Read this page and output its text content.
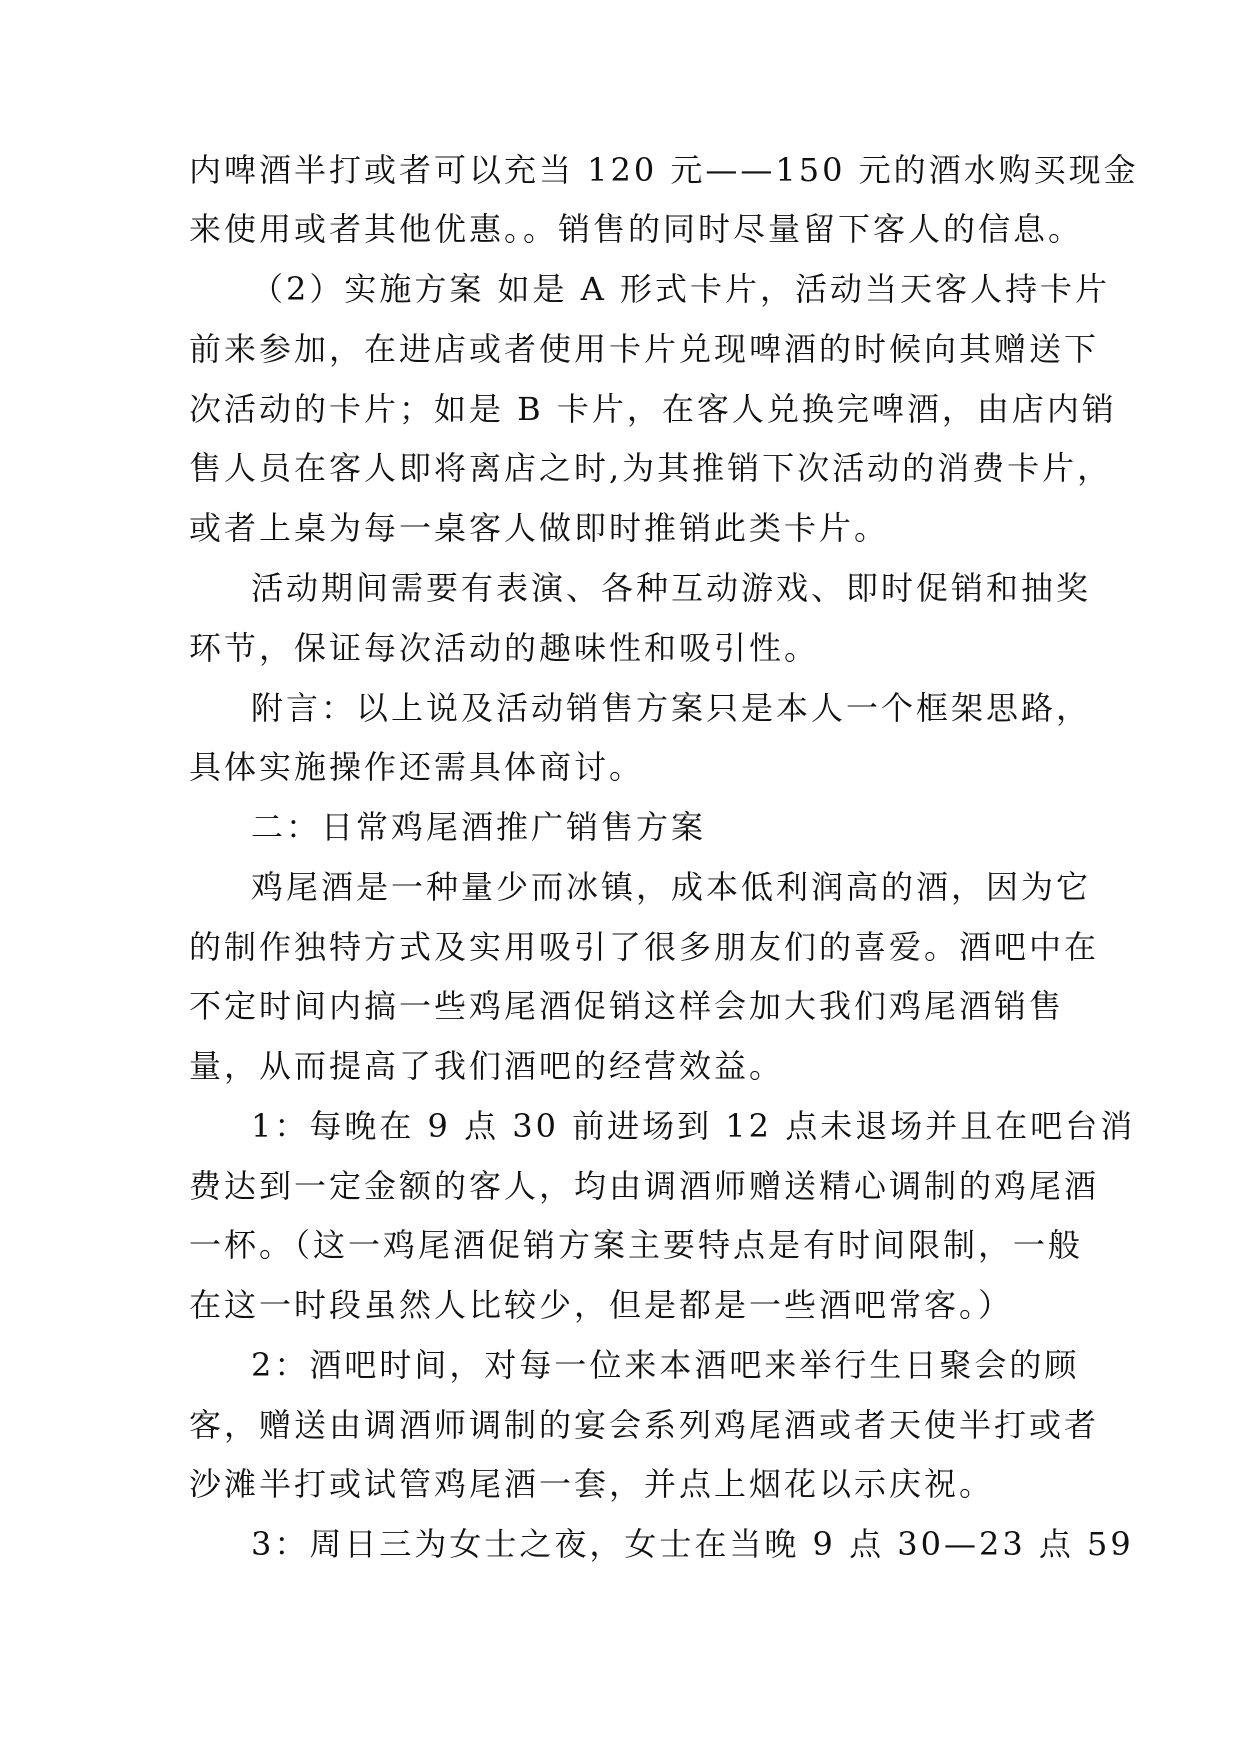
内啤酒半打或者可以充当 120 元——150 元的酒水购买现金
来使用或者其他优惠。。销售的同时尽量留下客人的信息。
（2）实施方案 如是 A 形式卡片，活动当天客人持卡片
前来参加，在进店或者使用卡片兑现啤酒的时候向其赠送下
次活动的卡片；如是 B 卡片，在客人兑换完啤酒，由店内销
售人员在客人即将离店之时,为其推销下次活动的消费卡片，
或者上桌为每一桌客人做即时推销此类卡片。
活动期间需要有表演、各种互动游戏、即时促销和抽奖
环节，保证每次活动的趣味性和吸引性。
附言：以上说及活动销售方案只是本人一个框架思路，
具体实施操作还需具体商讨。
二：日常鸡尾酒推广销售方案
鸡尾酒是一种量少而冰镇，成本低利润高的酒，因为它
的制作独特方式及实用吸引了很多朋友们的喜爱。酒吧中在
不定时间内搞一些鸡尾酒促销这样会加大我们鸡尾酒销售
量，从而提高了我们酒吧的经营效益。
1：每晚在 9 点 30 前进场到 12 点未退场并且在吧台消
费达到一定金额的客人，均由调酒师赠送精心调制的鸡尾酒
一杯。（这一鸡尾酒促销方案主要特点是有时间限制，一般
在这一时段虽然人比较少，但是都是一些酒吧常客。）
2：酒吧时间，对每一位来本酒吧来举行生日聚会的顾
客，赠送由调酒师调制的宴会系列鸡尾酒或者天使半打或者
沙滩半打或试管鸡尾酒一套，并点上烟花以示庆祝。
3：周日三为女士之夜，女士在当晚 9 点 30—23 点 59
